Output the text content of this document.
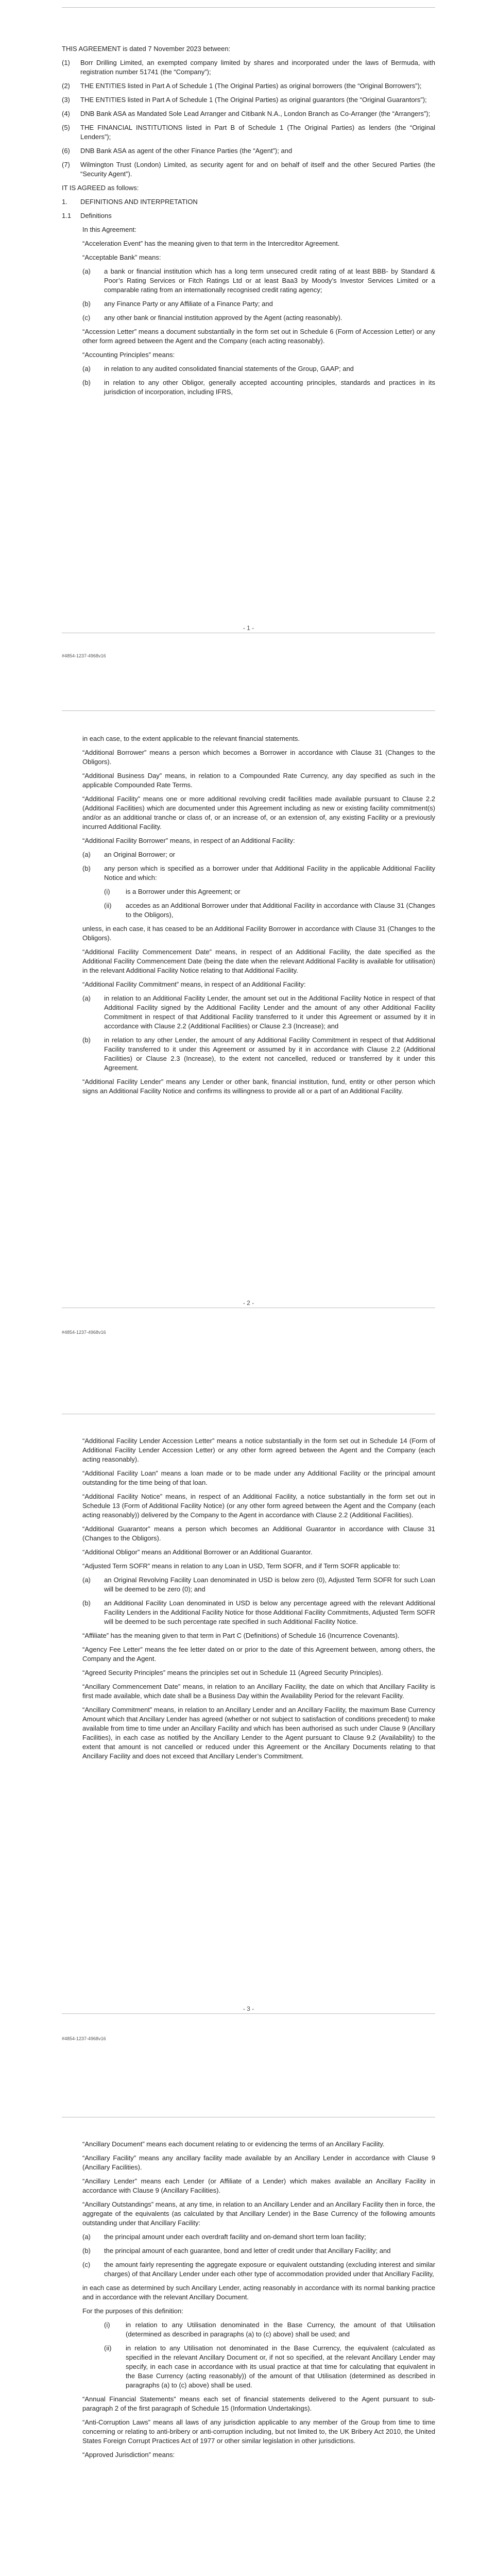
THIS AGREEMENT is dated 7 November 2023 between:

(1)	Borr Drilling Limited, an exempted company limited by shares and incorporated under the laws of Bermuda, with registration number 51741 (the “Company”);
(2)	THE ENTITIES listed in Part A of Schedule 1 (The Original Parties) as original borrowers (the “Original Borrowers”);
(3)	THE ENTITIES listed in Part A of Schedule 1 (The Original Parties) as original guarantors (the “Original Guarantors”);
(4)	DNB Bank ASA as Mandated Sole Lead Arranger and Citibank N.A., London Branch as Co-Arranger (the “Arrangers”);
(5)	THE FINANCIAL INSTITUTIONS listed in Part B of Schedule 1 (The Original Parties) as lenders (the “Original Lenders”);
(6)	DNB Bank ASA as agent of the other Finance Parties (the “Agent”); and
(7)	Wilmington Trust (London) Limited, as security agent for and on behalf of itself and the other Secured Parties (the “Security Agent”).

IT IS AGREED as follows:

1.	DEFINITIONS AND INTERPRETATION
1.1	Definitions

In this Agreement:

“Acceleration Event” has the meaning given to that term in the Intercreditor Agreement.

“Acceptable Bank” means:

(a)	a bank or financial institution which has a long term unsecured credit rating of at least BBB- by Standard & Poor’s Rating Services or Fitch Ratings Ltd or at least Baa3 by Moody’s Investor Services Limited or a comparable rating from an internationally recognised credit rating agency;
(b)	any Finance Party or any Affiliate of a Finance Party; and
(c)	any other bank or financial institution approved by the Agent (acting reasonably).

“Accession Letter” means a document substantially in the form set out in Schedule 6 (Form of Accession Letter) or any other form agreed between the Agent and the Company (each acting reasonably).

“Accounting Principles” means:

(a)	in relation to any audited consolidated financial statements of the Group, GAAP; and
(b)	in relation to any other Obligor, generally accepted accounting principles, standards and practices in its jurisdiction of incorporation, including IFRS,
- 1 -
#4854-1237-4968v16

in each case, to the extent applicable to the relevant financial statements.

“Additional Borrower” means a person which becomes a Borrower in accordance with Clause 31 (Changes to the Obligors).

“Additional Business Day” means, in relation to a Compounded Rate Currency, any day specified as such in the applicable Compounded Rate Terms.

“Additional Facility” means one or more additional revolving credit facilities made available pursuant to Clause 2.2 (Additional Facilities) which are documented under this Agreement including as new or existing facility commitment(s) and/or as an additional tranche or class of, or an increase of, or an extension of, any existing Facility or a previously incurred Additional Facility.

“Additional Facility Borrower” means, in respect of an Additional Facility:

(a)	an Original Borrower; or
(b)	any person which is specified as a borrower under that Additional Facility in the applicable Additional Facility Notice and which:
(i)	is a Borrower under this Agreement; or
(ii)	accedes as an Additional Borrower under that Additional Facility in accordance with Clause 31 (Changes to the Obligors),

unless, in each case, it has ceased to be an Additional Facility Borrower in accordance with Clause 31 (Changes to the Obligors).

“Additional Facility Commencement Date” means, in respect of an Additional Facility, the date specified as the Additional Facility Commencement Date (being the date when the relevant Additional Facility is available for utilisation) in the relevant Additional Facility Notice relating to that Additional Facility.

“Additional Facility Commitment” means, in respect of an Additional Facility:

(a)	in relation to an Additional Facility Lender, the amount set out in the Additional Facility Notice in respect of that Additional Facility signed by the Additional Facility Lender and the amount of any other Additional Facility Commitment in respect of that Additional Facility transferred to it under this Agreement or assumed by it in accordance with Clause 2.2 (Additional Facilities) or Clause 2.3 (Increase); and
(b)	in relation to any other Lender, the amount of any Additional Facility Commitment in respect of that Additional Facility transferred to it under this Agreement or assumed by it in accordance with Clause 2.2 (Additional Facilities) or Clause 2.3 (Increase), to the extent not cancelled, reduced or transferred by it under this Agreement.

“Additional Facility Lender” means any Lender or other bank, financial institution, fund, entity or other person which signs an Additional Facility Notice and confirms its willingness to provide all or a part of an Additional Facility.

- 2 -
#4854-1237-4968v16

“Additional Facility Lender Accession Letter” means a notice substantially in the form set out in Schedule 14 (Form of Additional Facility Lender Accession Letter) or any other form agreed between the Agent and the Company (each acting reasonably).

“Additional Facility Loan” means a loan made or to be made under any Additional Facility or the principal amount outstanding for the time being of that loan.

“Additional Facility Notice” means, in respect of an Additional Facility, a notice substantially in the form set out in Schedule 13 (Form of Additional Facility Notice) (or any other form agreed between the Agent and the Company (each acting reasonably)) delivered by the Company to the Agent in accordance with Clause 2.2 (Additional Facilities).

“Additional Guarantor” means a person which becomes an Additional Guarantor in accordance with Clause 31 (Changes to the Obligors).

“Additional Obligor” means an Additional Borrower or an Additional Guarantor.

“Adjusted Term SOFR” means in relation to any Loan in USD, Term SOFR, and if Term SOFR applicable to:

(a)	an Original Revolving Facility Loan denominated in USD is below zero (0), Adjusted Term SOFR for such Loan will be deemed to be zero (0); and
(b)	an Additional Facility Loan denominated in USD is below any percentage agreed with the relevant Additional Facility Lenders in the Additional Facility Notice for those Additional Facility Commitments, Adjusted Term SOFR will be deemed to be such percentage rate specified in such Additional Facility Notice.

“Affiliate” has the meaning given to that term in Part C (Definitions) of Schedule 16 (Incurrence Covenants).

“Agency Fee Letter” means the fee letter dated on or prior to the date of this Agreement between, among others, the Company and the Agent.

“Agreed Security Principles” means the principles set out in Schedule 11 (Agreed Security Principles).

“Ancillary Commencement Date” means, in relation to an Ancillary Facility, the date on which that Ancillary Facility is first made available, which date shall be a Business Day within the Availability Period for the relevant Facility.

“Ancillary Commitment” means, in relation to an Ancillary Lender and an Ancillary Facility, the maximum Base Currency Amount which that Ancillary Lender has agreed (whether or not subject to satisfaction of conditions precedent) to make available from time to time under an Ancillary Facility and which has been authorised as such under Clause 9 (Ancillary Facilities), in each case as notified by the Ancillary Lender to the Agent pursuant to Clause 9.2 (Availability) to the extent that amount is not cancelled or reduced under this Agreement or the Ancillary Documents relating to that Ancillary Facility and does not exceed that Ancillary Lender’s Commitment.

- 3 -
#4854-1237-4968v16

“Ancillary Document” means each document relating to or evidencing the terms of an Ancillary Facility.

“Ancillary Facility” means any ancillary facility made available by an Ancillary Lender in accordance with Clause 9 (Ancillary Facilities).

“Ancillary Lender” means each Lender (or Affiliate of a Lender) which makes available an Ancillary Facility in accordance with Clause 9 (Ancillary Facilities).

“Ancillary Outstandings” means, at any time, in relation to an Ancillary Lender and an Ancillary Facility then in force, the aggregate of the equivalents (as calculated by that Ancillary Lender) in the Base Currency of the following amounts outstanding under that Ancillary Facility:

(a)	the principal amount under each overdraft facility and on-demand short term loan facility;
(b)	the principal amount of each guarantee, bond and letter of credit under that Ancillary Facility; and
(c)	the amount fairly representing the aggregate exposure or equivalent outstanding (excluding interest and similar charges) of that Ancillary Lender under each other type of accommodation provided under that Ancillary Facility,

in each case as determined by such Ancillary Lender, acting reasonably in accordance with its normal banking practice and in accordance with the relevant Ancillary Document.

For the purposes of this definition:

(i)	in relation to any Utilisation denominated in the Base Currency, the amount of that Utilisation (determined as described in paragraphs (a) to (c) above) shall be used; and
(ii)	in relation to any Utilisation not denominated in the Base Currency, the equivalent (calculated as specified in the relevant Ancillary Document or, if not so specified, at the relevant Ancillary Lender may specify, in each case in accordance with its usual practice at that time for calculating that equivalent in the Base Currency (acting reasonably)) of the amount of that Utilisation (determined as described in paragraphs (a) to (c) above) shall be used.

“Annual Financial Statements” means each set of financial statements delivered to the Agent pursuant to sub-paragraph 2 of the first paragraph of Schedule 15 (Information Undertakings).

“Anti-Corruption Laws” means all laws of any jurisdiction applicable to any member of the Group from time to time concerning or relating to anti-bribery or anti-corruption including, but not limited to, the UK Bribery Act 2010, the United States Foreign Corrupt Practices Act of 1977 or other similar legislation in other jurisdictions.

“Approved Jurisdiction” means:
